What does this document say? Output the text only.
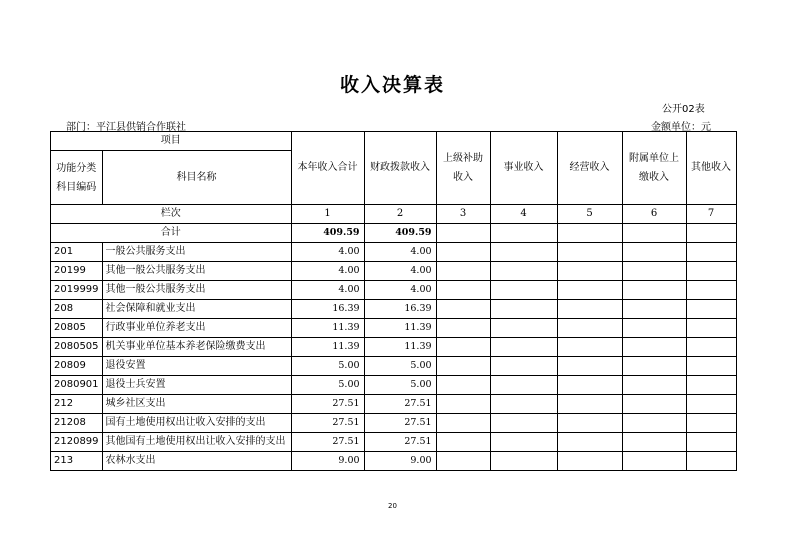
收入决算表
公开02表
部门：平江县供销合作联社	金额单位：元
项目		本年收入合计	财政拨款收入	上级补助收入	事业收入	经营收入	附属单位上缴收入	其他收入
功能分类科目编码	科目名称							

栏次		1	2	3	4	5	6	7
合计		409.59	409.59					
201	一般公共服务支出	4.00	4.00					
20199	其他一般公共服务支出	4.00	4.00					
2019999	其他一般公共服务支出	4.00	4.00					
208	社会保障和就业支出	16.39	16.39					
20805	行政事业单位养老支出	11.39	11.39					
2080505	机关事业单位基本养老保险缴费支出	11.39	11.39					
20809	退役安置	5.00	5.00					
2080901	退役士兵安置	5.00	5.00					
212	城乡社区支出	27.51	27.51					
21208	国有土地使用权出让收入安排的支出	27.51	27.51					
2120899	其他国有土地使用权出让收入安排的支出	27.51	27.51					
213	农林水支出	9.00	9.00					
20
